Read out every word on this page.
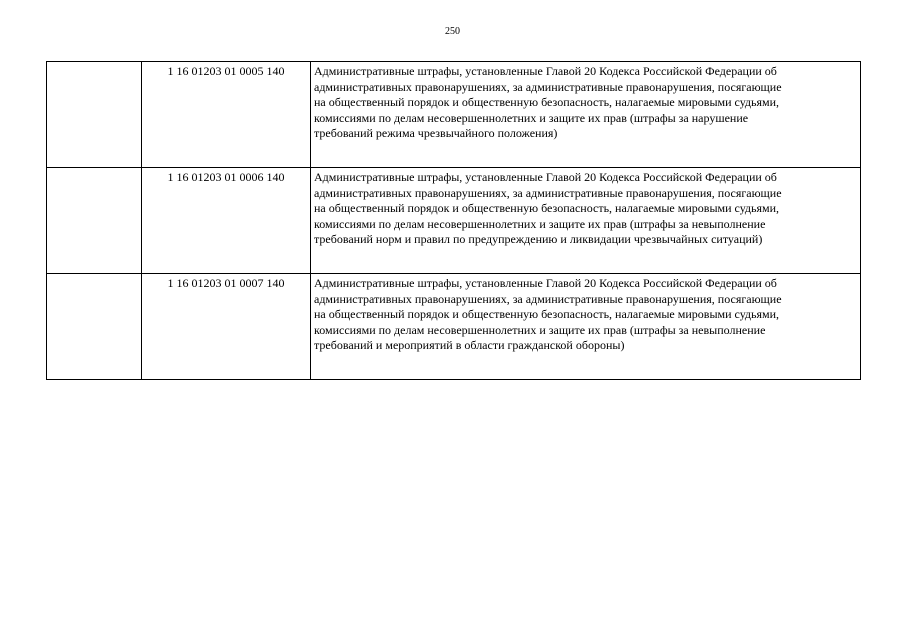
250
	1 16 01203 01 0005 140	Административные штрафы, установленные Главой 20 Кодекса Российской Федерации об
административных правонарушениях, за административные правонарушения, посягающие
на общественный порядок и общественную безопасность, налагаемые мировыми судьями,
комиссиями по делам несовершеннолетних и защите их прав (штрафы за нарушение
требований режима чрезвычайного положения)

	1 16 01203 01 0006 140	Административные штрафы, установленные Главой 20 Кодекса Российской Федерации об
административных правонарушениях, за административные правонарушения, посягающие
на общественный порядок и общественную безопасность, налагаемые мировыми судьями,
комиссиями по делам несовершеннолетних и защите их прав (штрафы за невыполнение
требований норм и правил по предупреждению и ликвидации чрезвычайных ситуаций)

	1 16 01203 01 0007 140	Административные штрафы, установленные Главой 20 Кодекса Российской Федерации об
административных правонарушениях, за административные правонарушения, посягающие
на общественный порядок и общественную безопасность, налагаемые мировыми судьями,
комиссиями по делам несовершеннолетних и защите их прав (штрафы за невыполнение
требований и мероприятий в области гражданской обороны)
